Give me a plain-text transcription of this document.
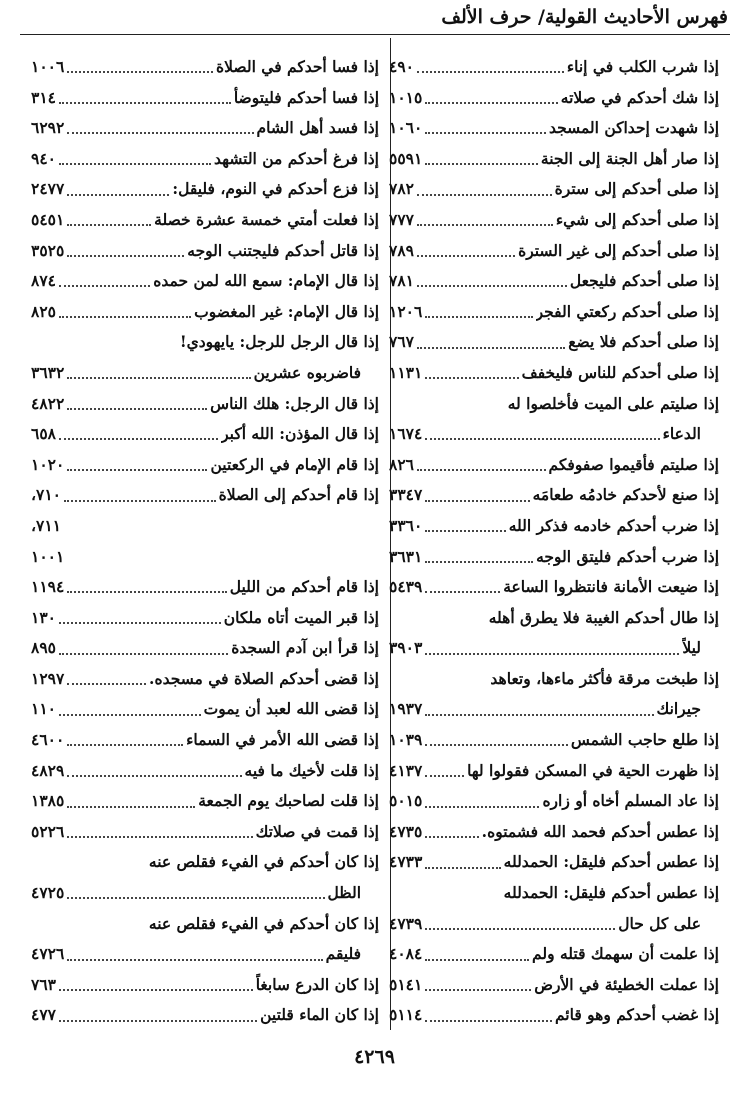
فهرس الأحاديث القولية/ حرف الألف
إذا شرب الكلب في إناء
٤٩٠
إذا شك أحدكم في صلاته
١٠١٥
إذا شهدت إحداكن المسجد
١٠٦٠
إذا صار أهل الجنة إلى الجنة
٥٥٩١
إذا صلى أحدكم إلى سترة
٧٨٢
إذا صلى أحدكم إلى شيء
٧٧٧
إذا صلى أحدكم إلى غير السترة
٧٨٩
إذا صلى أحدكم فليجعل
٧٨١
إذا صلى أحدكم ركعتي الفجر
١٢٠٦
إذا صلى أحدكم فلا يضع
٧٦٧
إذا صلى أحدكم للناس فليخفف
١١٣١
إذا صليتم على الميت فأخلصوا له
الدعاء
١٦٧٤
إذا صليتم فأقيموا صفوفكم
٨٢٦
إذا صنع لأحدكم خادمُه طعامَه
٣٣٤٧
إذا ضرب أحدكم خادمه فذكر الله
٣٣٦٠
إذا ضرب أحدكم فليتق الوجه
٣٦٣١
إذا ضيعت الأمانة فانتظروا الساعة
٥٤٣٩
إذا طال أحدكم الغيبة فلا يطرق أهله
ليلاً
٣٩٠٣
إذا طبخت مرقة فأكثر ماءها، وتعاهد
جيرانك
١٩٣٧
إذا طلع حاجب الشمس
١٠٣٩
إذا ظهرت الحية في المسكن فقولوا لها
٤١٣٧
إذا عاد المسلم أخاه أو زاره
٥٠١٥
إذا عطس أحدكم فحمد الله فشمتوه.
٤٧٣٥
إذا عطس أحدكم فليقل: الحمدلله
٤٧٣٣
إذا عطس أحدكم فليقل: الحمدلله
على كل حال
٤٧٣٩
إذا علمت أن سهمك قتله ولم
٤٠٨٤
إذا عملت الخطيئة في الأرض
٥١٤١
إذا غضب أحدكم وهو قائم
٥١١٤
إذا فسا أحدكم في الصلاة
١٠٠٦
إذا فسا أحدكم فليتوضأ
٣١٤
إذا فسد أهل الشام
٦٢٩٢
إذا فرغ أحدكم من التشهد
٩٤٠
إذا فزع أحدكم في النوم، فليقل:
٢٤٧٧
إذا فعلت أمتي خمسة عشرة خصلة
٥٤٥١
إذا قاتل أحدكم فليجتنب الوجه
٣٥٢٥
إذا قال الإمام: سمع الله لمن حمده
٨٧٤
إذا قال الإمام: غير المغضوب
٨٢٥
إذا قال الرجل للرجل: يايهودي!
فاضربوه عشرين
٣٦٣٢
إذا قال الرجل: هلك الناس
٤٨٢٢
إذا قال المؤذن: الله أكبر
٦٥٨
إذا قام الإمام في الركعتين
١٠٢٠
إذا قام أحدكم إلى الصلاة
٧١٠،
٧١١،
١٠٠١
إذا قام أحدكم من الليل
١١٩٤
إذا قبر الميت أتاه ملكان
١٣٠
إذا قرأ ابن آدم السجدة
٨٩٥
إذا قضى أحدكم الصلاة في مسجده.
١٢٩٧
إذا قضى الله لعبد أن يموت
١١٠
إذا قضى الله الأمر في السماء
٤٦٠٠
إذا قلت لأخيك ما فيه
٤٨٢٩
إذا قلت لصاحبك يوم الجمعة
١٣٨٥
إذا قمت في صلاتك
٥٢٢٦
إذا كان أحدكم في الفيء فقلص عنه
الظل
٤٧٢٥
إذا كان أحدكم في الفيء فقلص عنه
فليقم
٤٧٢٦
إذا كان الدرع سابغاً
٧٦٣
إذا كان الماء قلتين
٤٧٧
٤٢٦٩
